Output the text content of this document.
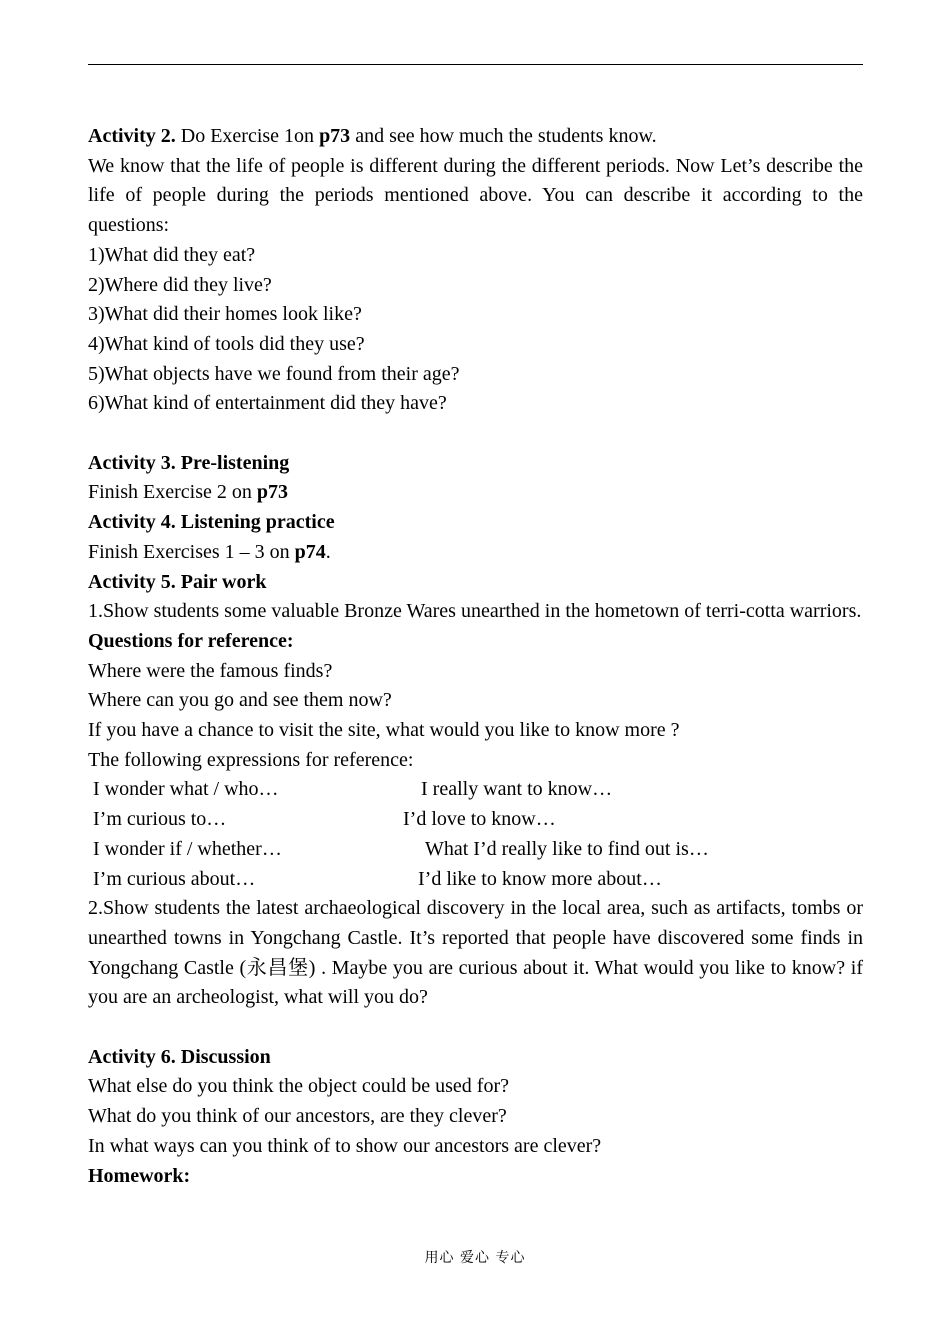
Activity 2. Do Exercise 1on p73 and see how much the students know.
We know that the life of people is different during the different periods. Now Let’s describe the life of people during the periods mentioned above. You can describe it according to the questions:
1)What did they eat?
2)Where did they live?
3)What did their homes look like?
4)What kind of tools did they use?
5)What objects have we found from their age?
6)What kind of entertainment did they have?
Activity 3. Pre-listening
Finish Exercise 2 on p73
Activity 4. Listening practice
Finish Exercises 1 – 3 on p74.
Activity 5. Pair work
1.Show students some valuable Bronze Wares unearthed in the hometown of terri-cotta warriors.
Questions for reference:
Where were the famous finds?
Where can you go and see them now?
If you have a chance to visit the site, what would you like to know more ?
The following expressions for reference:
I wonder what / who…	I really want to know…
I’m curious to…	I’d love to know…
I wonder if / whether…	What I’d really like to find out is…
I’m curious about…	I’d like to know more about…
2.Show students the latest archaeological discovery in the local area, such as artifacts, tombs or unearthed towns in Yongchang Castle. It’s reported that people have discovered some finds in Yongchang Castle (永昌堡) . Maybe you are curious about it. What would you like to know? if you are an archeologist, what will you do?
Activity 6. Discussion
What else do you think the object could be used for?
What do you think of our ancestors, are they clever?
In what ways can you think of to show our ancestors are clever?
Homework:
用心 爱心 专心
